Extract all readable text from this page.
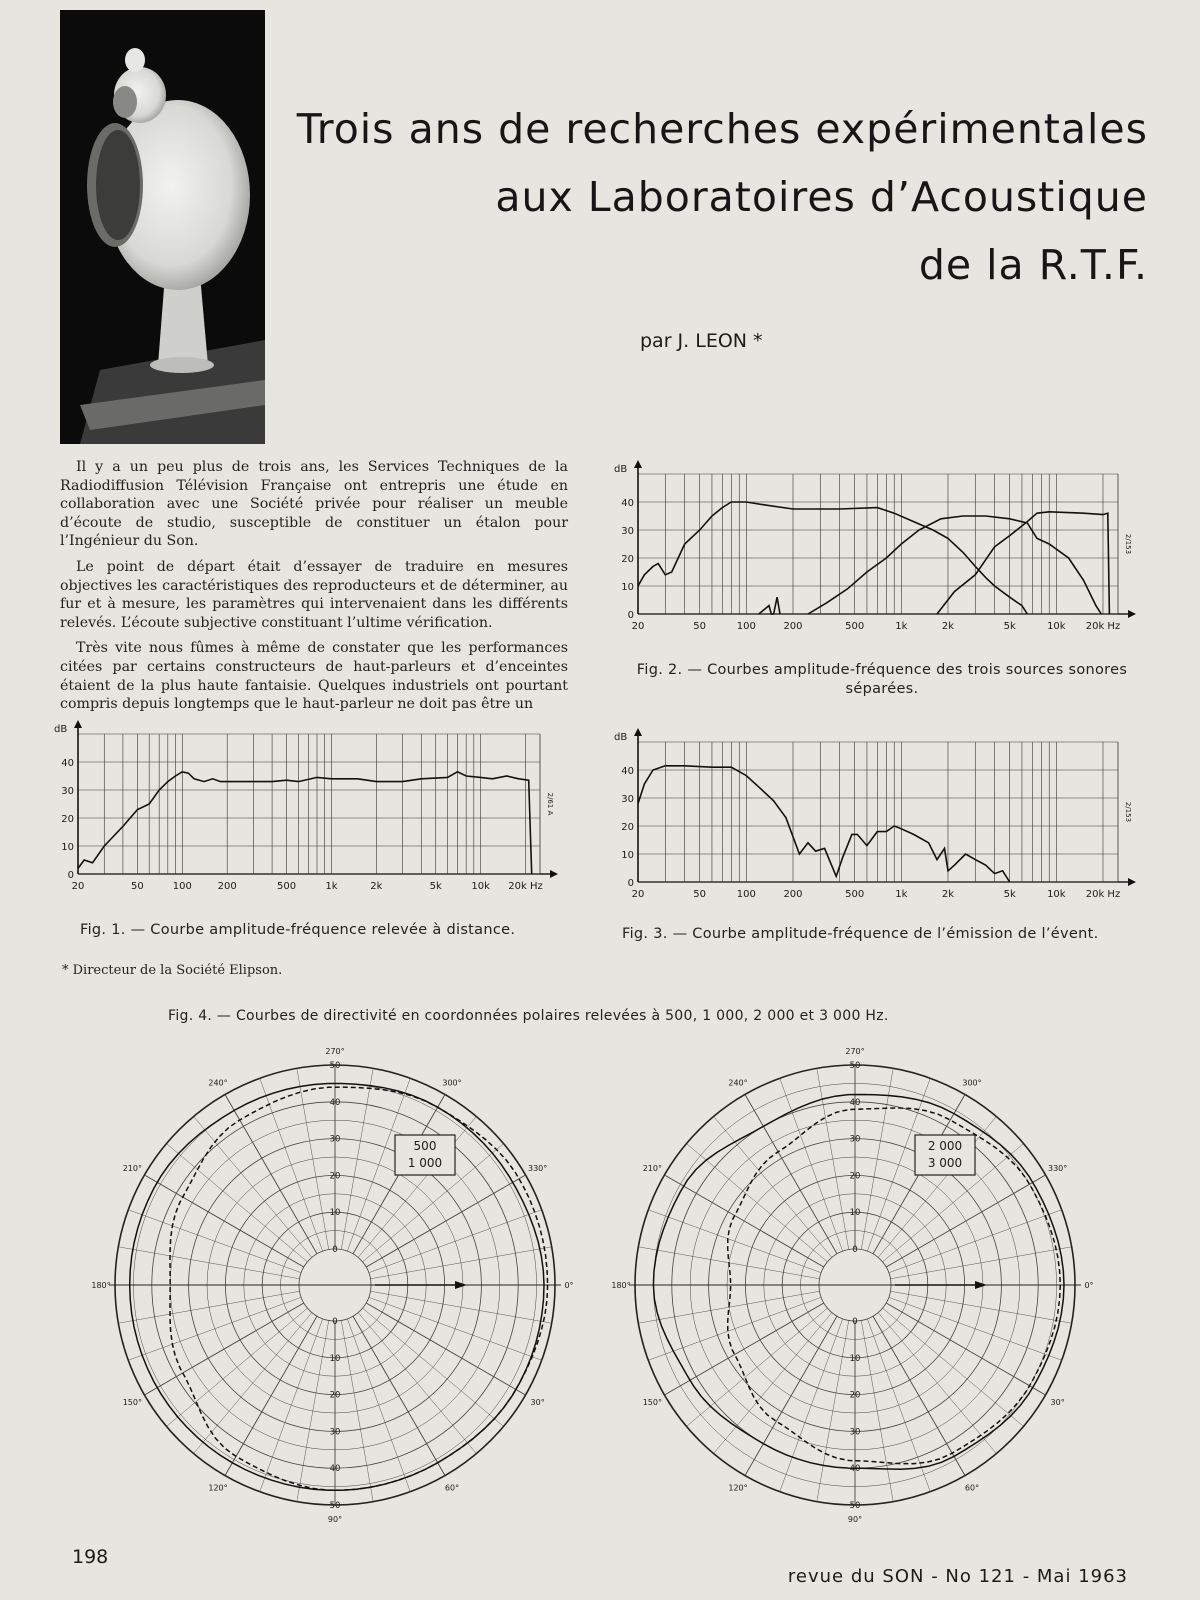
Trois ans de recherches expérimentales
aux Laboratoires d’Acoustique
de la R.T.F.
par J. LEON *

Il y a un peu plus de trois ans, les Services Techniques de la Radiodiffusion Télévision Française ont entrepris une étude en collaboration avec une Société privée pour réaliser un meuble d’écoute de studio, susceptible de constituer un étalon pour l’Ingénieur du Son.

Le point de départ était d’essayer de traduire en mesures objectives les caractéristiques des reproducteurs et de déterminer, au fur et à mesure, les paramètres qui intervenaient dans les différents relevés. L’écoute subjective constituant l’ultime vérification.

Très vite nous fûmes à même de constater que les performances citées par certains constructeurs de haut-parleurs et d’enceintes étaient de la plus haute fantaisie. Quelques industriels ont pourtant compris depuis longtemps que le haut-parleur ne doit pas être un

dB
0
10
20
30
40
20	50	100	200	500	1k	2k	5k	10k 20k Hz
2/61 A
dB
0
10
20
30
40
20	50	100	200	500	1k	2k	5k	10k 20k Hz
2/153
dB
0
10
20
30
40
20	50	100	200	500	1k	2k	5k	10k 20k Hz
2/153
Fig. 1. — Courbe amplitude-fréquence relevée à distance.
Fig. 2. — Courbes amplitude-fréquence des trois sources sonores séparées.
Fig. 3. — Courbe amplitude-fréquence de l’émission de l’évent.
* Directeur de la Société Elipson.
Fig. 4. — Courbes de directivité en coordonnées polaires relevées à 500, 1 000, 2 000 et 3 000 Hz.
0°
30°
60°
90°
120°
150°
180°
210°
240°
270°
300°
330°
0
0
10
10
20
20
30
30
40
40
50
50
500
1 000
0°
30°
60°
90°
120°
150°
180°
210°
240°
270°
300°
330°
0
0
10
10
20
20
30
30
40
40
50
50
2 000
3 000
198
revue du SON - No 121 - Mai 1963
